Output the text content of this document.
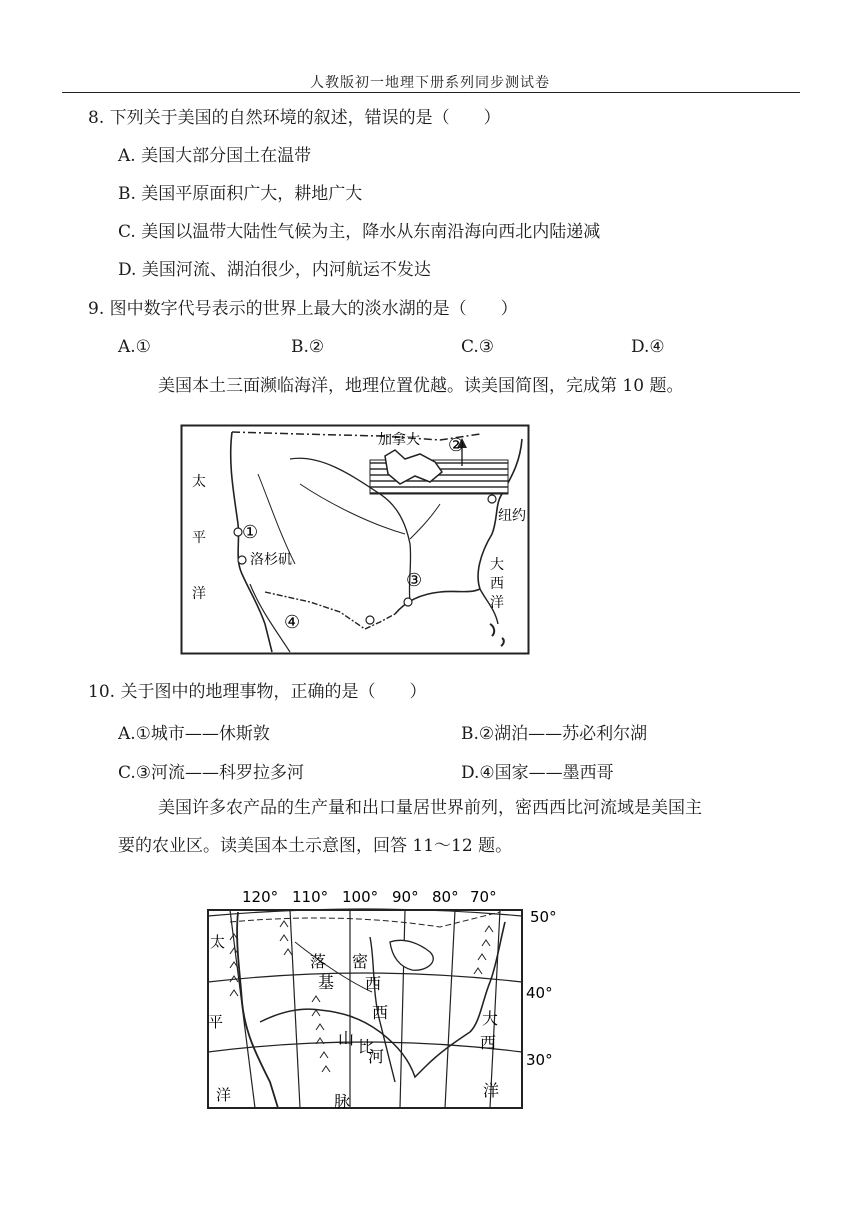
人教版初一地理下册系列同步测试卷
8. 下列关于美国的自然环境的叙述，错误的是（　　）
A. 美国大部分国土在温带
B. 美国平原面积广大，耕地广大
C. 美国以温带大陆性气候为主，降水从东南沿海向西北内陆递减
D. 美国河流、湖泊很少，内河航运不发达
9. 图中数字代号表示的世界上最大的淡水湖的是（　　）
A.①	B.②	C.③	D.④
美国本土三面濒临海洋，地理位置优越。读美国简图，完成第 10 题。
加拿大 ②
纽约
太
平
洋
①
洛杉矶
③
大
西
洋
④
10. 关于图中的地理事物，正确的是（　　）
A.①城市——休斯敦	B.②湖泊——苏必利尔湖
C.③河流——科罗拉多河	D.④国家——墨西哥
美国许多农产品的生产量和出口量居世界前列，密西西比河流域是美国主
要的农业区。读美国本土示意图，回答 11～12 题。
120° 110° 100° 90° 80° 70°
50°
40°
30°
太
平
洋
落
基
山
脉
密
西
西
比
河
大
西
洋
